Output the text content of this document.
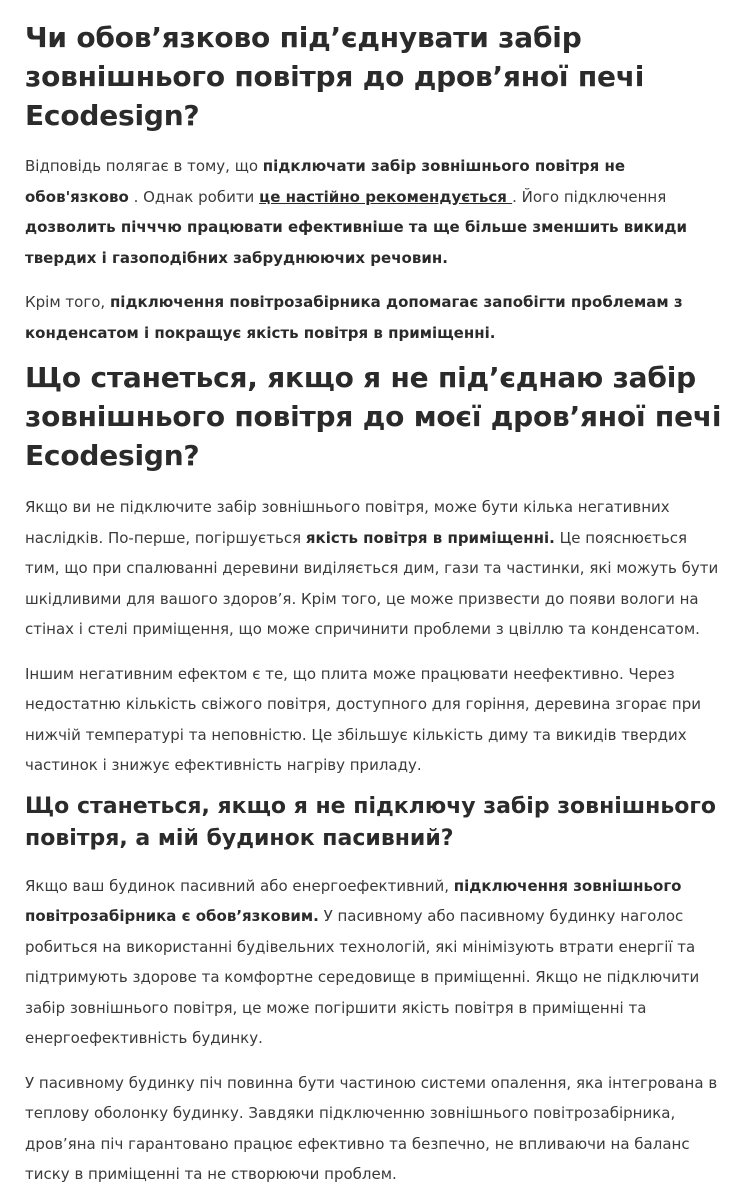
Чи обов’язково під’єднувати забір зовнішнього повітря до дров’яної печі Ecodesign?

Відповідь полягає в тому, що підключати забір зовнішнього повітря не обов'язково . Однак робити це настійно рекомендується . Його підключення дозволить пічччю працювати ефективніше та ще більше зменшить викиди твердих і газоподібних забруднюючих речовин.

Крім того, підключення повітрозабірника допомагає запобігти проблемам з конденсатом і покращує якість повітря в приміщенні.

Що станеться, якщо я не під’єднаю забір зовнішнього повітря до моєї дров’яної печі Ecodesign?

Якщо ви не підключите забір зовнішнього повітря, може бути кілька негативних наслідків. По-перше, погіршується якість повітря в приміщенні. Це пояснюється тим, що при спалюванні деревини виділяється дим, гази та частинки, які можуть бути шкідливими для вашого здоров’я. Крім того, це може призвести до появи вологи на стінах і стелі приміщення, що може спричинити проблеми з цвіллю та конденсатом.

Іншим негативним ефектом є те, що плита може працювати неефективно. Через недостатню кількість свіжого повітря, доступного для горіння, деревина згорає при нижчій температурі та неповністю. Це збільшує кількість диму та викидів твердих частинок і знижує ефективність нагріву приладу.

Що станеться, якщо я не підключу забір зовнішнього повітря, а мій будинок пасивний?

Якщо ваш будинок пасивний або енергоефективний, підключення зовнішнього повітрозабірника є обов’язковим. У пасивному або пасивному будинку наголос робиться на використанні будівельних технологій, які мінімізують втрати енергії та підтримують здорове та комфортне середовище в приміщенні. Якщо не підключити забір зовнішнього повітря, це може погіршити якість повітря в приміщенні та енергоефективність будинку.

У пасивному будинку піч повинна бути частиною системи опалення, яка інтегрована в теплову оболонку будинку. Завдяки підключенню зовнішнього повітрозабірника, дров’яна піч гарантовано працює ефективно та безпечно, не впливаючи на баланс тиску в приміщенні та не створюючи проблем.
